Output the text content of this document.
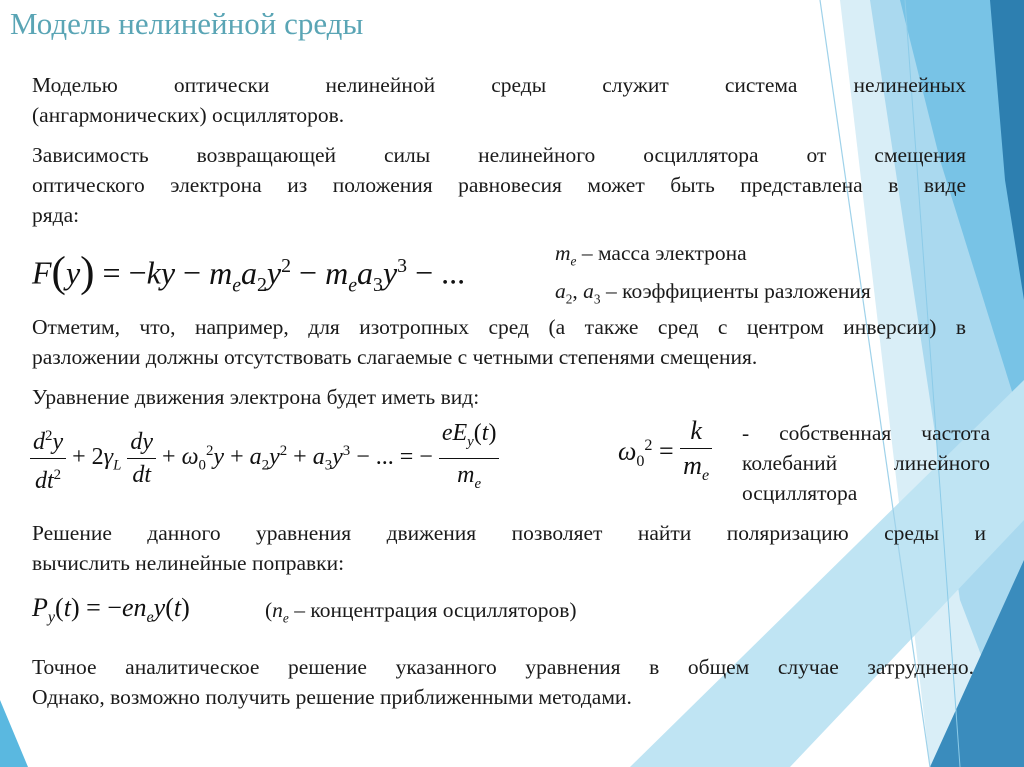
Модель нелинейной среды
Моделью оптически нелинейной среды служит система нелинейных
(ангармонических) осцилляторов.
Зависимость возвращающей силы нелинейного осциллятора от смещения
оптического электрона из положения равновесия может быть представлена в виде
ряда:
$F(y) = -ky - m_ea_2y^2 - m_ea_3y^3$ − ...
$m_e$ – масса электрона
$a_2$, $a_3$ – коэффициенты разложения
Отметим, что, например, для изотропных сред (а также сред с центром инверсии) в
разложении должны отсутствовать слагаемые с четными степенями смещения.
Уравнение движения электрона будет иметь вид:
$\frac{d^2y}{dt^2} + 2\gamma_L \frac{dy}{dt} + \omega_0^2y + a_2y^2 + a_3y^3$ − ... = − $\frac{eE_y(t)}{m_e}$	$\omega_0^2 = \frac{k}{m_e}$ - собственная частота
колебаний линейного
осциллятора
Решение данного уравнения движения позволяет найти поляризацию среды и
вычислить нелинейные поправки:
$P_y(t) = -en_ey(t)$	($n_e$ – концентрация осцилляторов)
Точное аналитическое решение указанного уравнения в общем случае затруднено.
Однако, возможно получить решение приближенными методами.
